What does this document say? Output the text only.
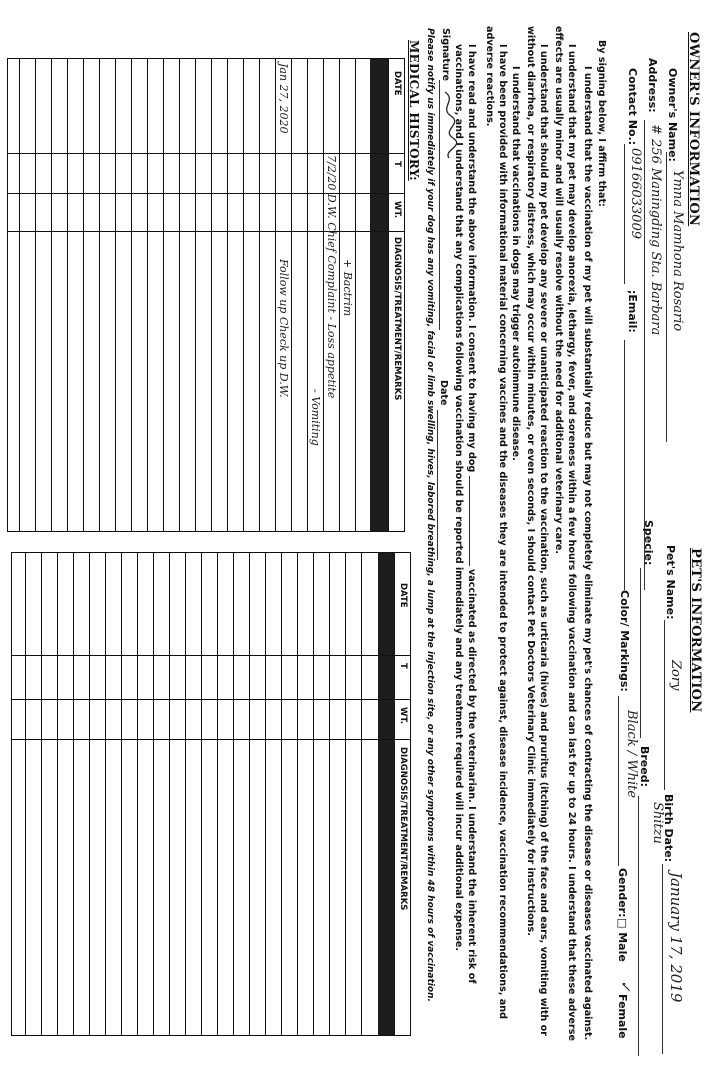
OWNER'S INFORMATION
Owner's Name:
Ymna Mamhona Rosario
Address:
# 256 Maningding Sta. Barbara
Contact No.:
09166033009
;Email:
PET'S INFORMATION
Pet's Name:
Zory
Birth Date:
January 17, 2019
Specie:
Breed:
Shitzu
Color/ Markings:
Black / White
Gender:
□ Male
✓
Female
By signing below, I affirm that:
I understand that the vaccination of my pet will substantially reduce but may not completely eliminate my pet's chances of contracting the disease or diseases vaccinated against.
I understand that my pet may develop anorexia, lethargy, fever, and soreness within a few hours following vaccination and can last for up to 24 hours. I understand that these adverse effects are usually minor and will usually resolve without the need for additional veterinary care.
I understand that should my pet develop any severe or unanticipated reaction to the vaccination, such as urticaria (hives) and pruritus (itching) of the face and ears, vomiting with or without diarrhea, or respiratory distress, which may occur within minutes, or even seconds, I should contact Pet Doctors Veterinary Clinic immediately for instructions.
I understand that vaccinations in dogs may trigger autoimmune disease.
I have been provided with informational material concerning vaccines and the diseases they are intended to protect against, disease incidence, vaccination recommendations, and adverse reactions.
I have read and understand the above information. I consent to having my dog  vaccinated as directed by the veterinarian. I understand the inherent risk of vaccinations, and I understand that any complications following vaccination should be reported immediately and any treatment required will incur additional expense.
Signature
Date
Please notify us immediately if your dog has any vomiting, facial or limb swelling, hives, labored breathing, a lump at the injection site, or any other symptoms within 48 hours of vaccination.
MEDICAL HISTORY:
DATE
T
WT.
DIAGNOSIS/TREATMENT/REMARKS
- No history of Deworming
+ Bactrim
7/2/20 D.W. Chief Complaint - Loss appetite
- Vomiting
Jan 27, 2020
Follow up Check up D.W.
DATE
T
WT.
DIAGNOSIS/TREATMENT/REMARKS
